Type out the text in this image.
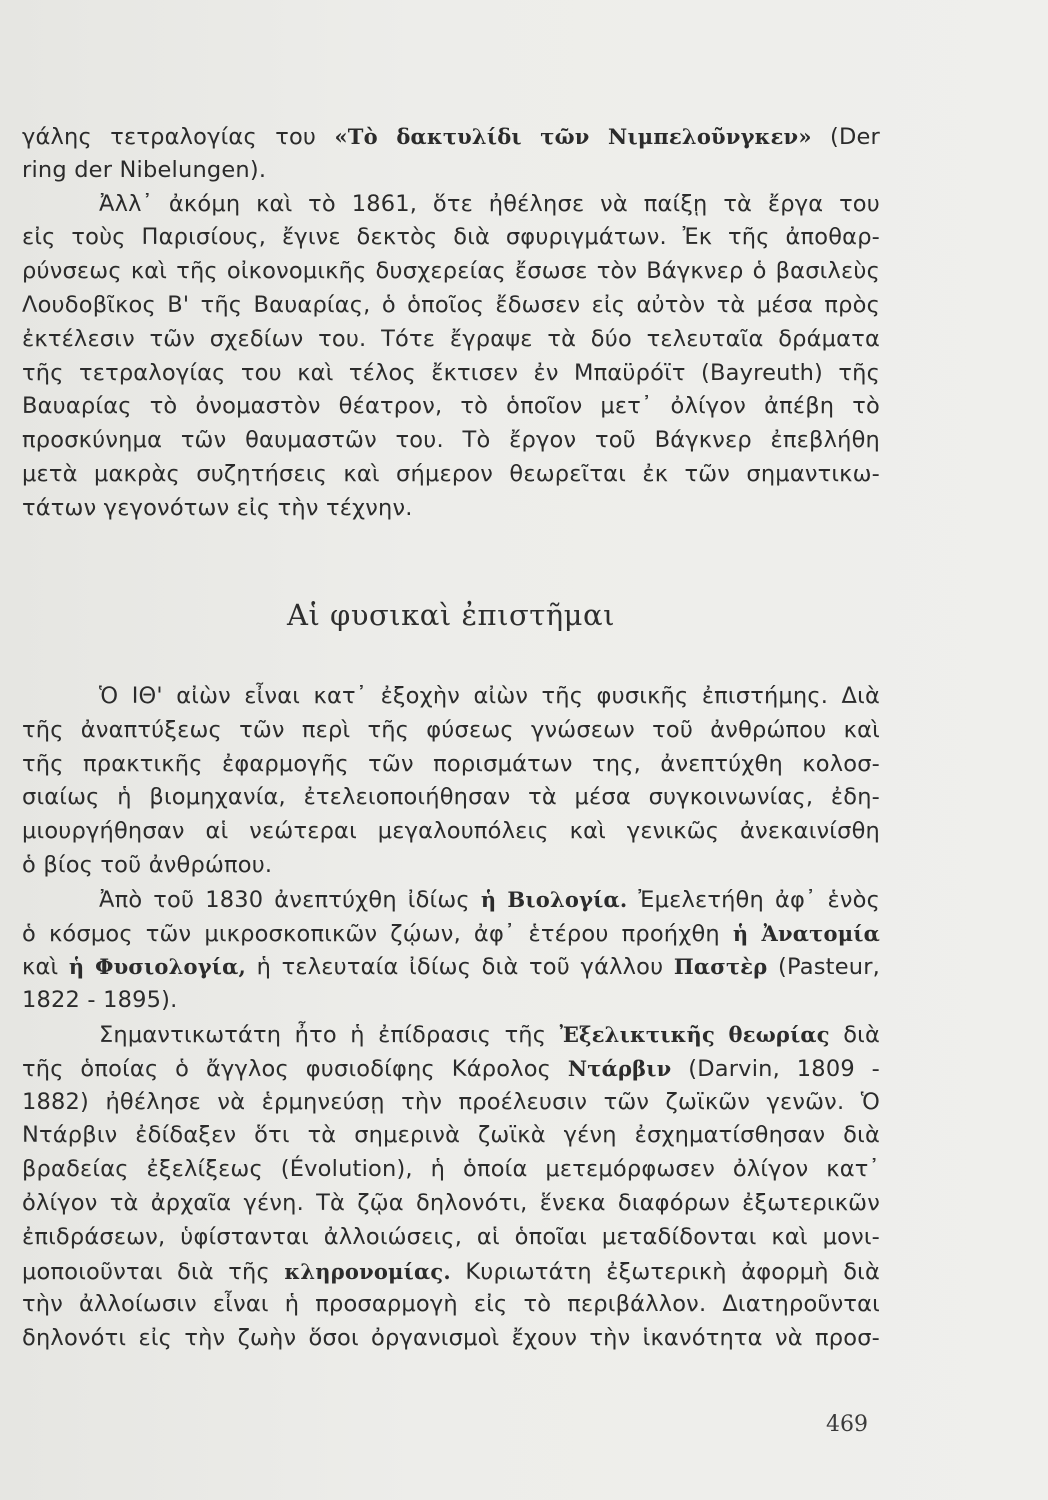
γάλης τετραλογίας του «Τὸ δακτυλίδι τῶν Νιμπελοῦνγκεν» (Der
ring der Nibelungen).
Ἀλλ᾽ ἀκόμη καὶ τὸ 1861, ὅτε ἠθέλησε νὰ παίξῃ τὰ ἔργα του
εἰς τοὺς Παρισίους, ἔγινε δεκτὸς διὰ σφυριγμάτων. Ἐκ τῆς ἀποθαρ-
ρύνσεως καὶ τῆς οἰκονομικῆς δυσχερείας ἔσωσε τὸν Βάγκνερ ὁ βασιλεὺς
Λουδοβῖκος Β' τῆς Βαυαρίας, ὁ ὁποῖος ἔδωσεν εἰς αὐτὸν τὰ μέσα πρὸς
ἐκτέλεσιν τῶν σχεδίων του. Τότε ἔγραψε τὰ δύο τελευταῖα δράματα
τῆς τετραλογίας του καὶ τέλος ἔκτισεν ἐν Μπαϋρόϊτ (Bayreuth) τῆς
Βαυαρίας τὸ ὀνομαστὸν θέατρον, τὸ ὁποῖον μετ᾽ ὀλίγον ἀπέβη τὸ
προσκύνημα τῶν θαυμαστῶν του. Τὸ ἔργον τοῦ Βάγκνερ ἐπεβλήθη
μετὰ μακρὰς συζητήσεις καὶ σήμερον θεωρεῖται ἐκ τῶν σημαντικω-
τάτων γεγονότων εἰς τὴν τέχνην.
Αἱ φυσικαὶ ἐπιστῆμαι
Ὁ ΙΘ' αἰὼν εἶναι κατ᾽ ἐξοχὴν αἰὼν τῆς φυσικῆς ἐπιστήμης. Διὰ
τῆς ἀναπτύξεως τῶν περὶ τῆς φύσεως γνώσεων τοῦ ἀνθρώπου καὶ
τῆς πρακτικῆς ἐφαρμογῆς τῶν πορισμάτων της, ἀνεπτύχθη κολοσ-
σιαίως ἡ βιομηχανία, ἐτελειοποιήθησαν τὰ μέσα συγκοινωνίας, ἐδη-
μιουργήθησαν αἱ νεώτεραι μεγαλουπόλεις καὶ γενικῶς ἀνεκαινίσθη
ὁ βίος τοῦ ἀνθρώπου.
Ἀπὸ τοῦ 1830 ἀνεπτύχθη ἰδίως ἡ Βιολογία. Ἐμελετήθη ἀφ᾽ ἑνὸς
ὁ κόσμος τῶν μικροσκοπικῶν ζῴων, ἀφ᾽ ἑτέρου προήχθη ἡ Ἀνατομία
καὶ ἡ Φυσιολογία, ἡ τελευταία ἰδίως διὰ τοῦ γάλλου Παστὲρ (Pasteur,
1822 - 1895).
Σημαντικωτάτη ἦτο ἡ ἐπίδρασις τῆς Ἐξελικτικῆς θεωρίας διὰ
τῆς ὁποίας ὁ ἄγγλος φυσιοδίφης Κάρολος Ντάρβιν (Darvin, 1809 -
1882) ἠθέλησε νὰ ἑρμηνεύσῃ τὴν προέλευσιν τῶν ζωϊκῶν γενῶν. Ὁ
Ντάρβιν ἐδίδαξεν ὅτι τὰ σημερινὰ ζωϊκὰ γένη ἐσχηματίσθησαν διὰ
βραδείας ἐξελίξεως (Évolution), ἡ ὁποία μετεμόρφωσεν ὀλίγον κατ᾽
ὀλίγον τὰ ἀρχαῖα γένη. Τὰ ζῷα δηλονότι, ἕνεκα διαφόρων ἐξωτερικῶν
ἐπιδράσεων, ὑφίστανται ἀλλοιώσεις, αἱ ὁποῖαι μεταδίδονται καὶ μονι-
μοποιοῦνται διὰ τῆς κληρονομίας. Κυριωτάτη ἐξωτερικὴ ἀφορμὴ διὰ
τὴν ἀλλοίωσιν εἶναι ἡ προσαρμογὴ εἰς τὸ περιβάλλον. Διατηροῦνται
δηλονότι εἰς τὴν ζωὴν ὅσοι ὀργανισμοὶ ἔχουν τὴν ἱκανότητα νὰ προσ-
469
